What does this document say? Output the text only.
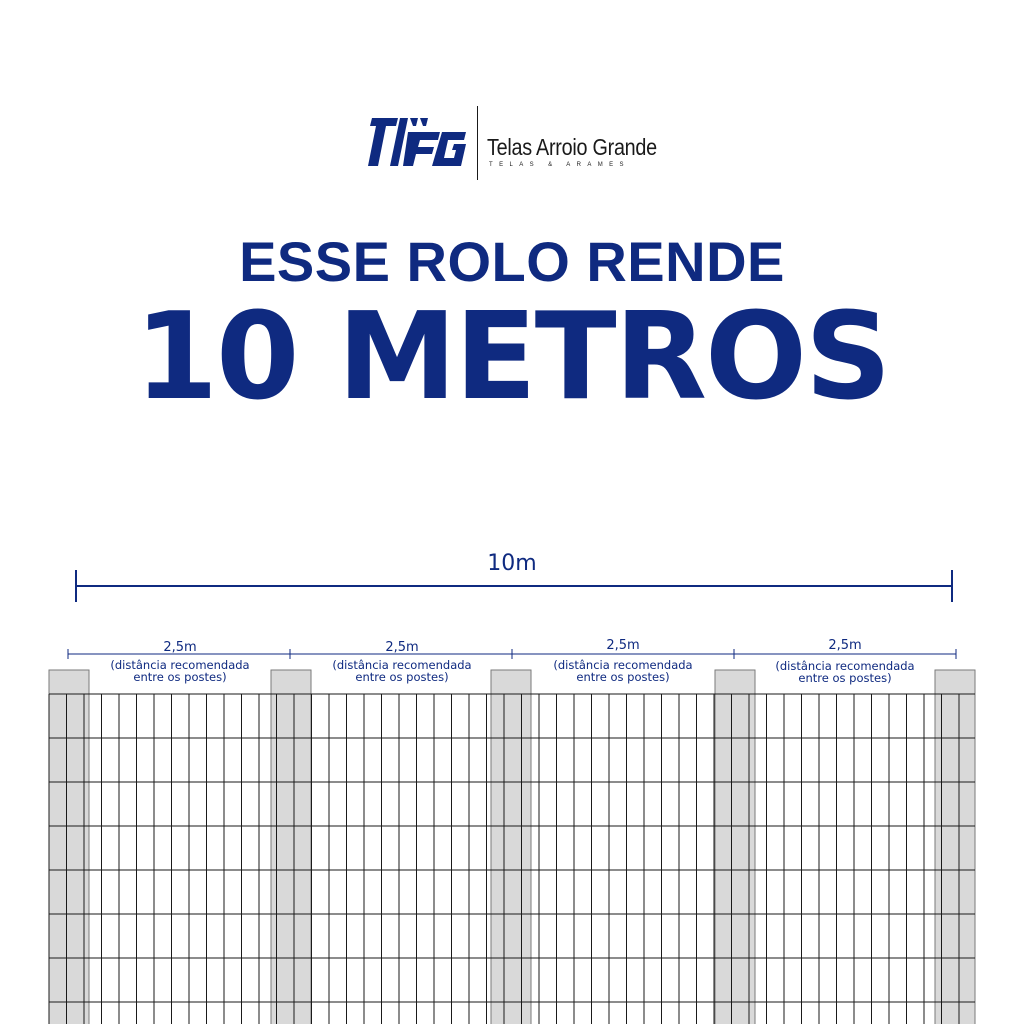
Telas Arroio Grande
TELAS & ARAMES
ESSE ROLO RENDE
10 METROS
10m
2,5m
(distância recomendada
entre os postes)
2,5m
(distância recomendada
entre os postes)
2,5m
(distância recomendada
entre os postes)
2,5m
(distância recomendada
entre os postes)
